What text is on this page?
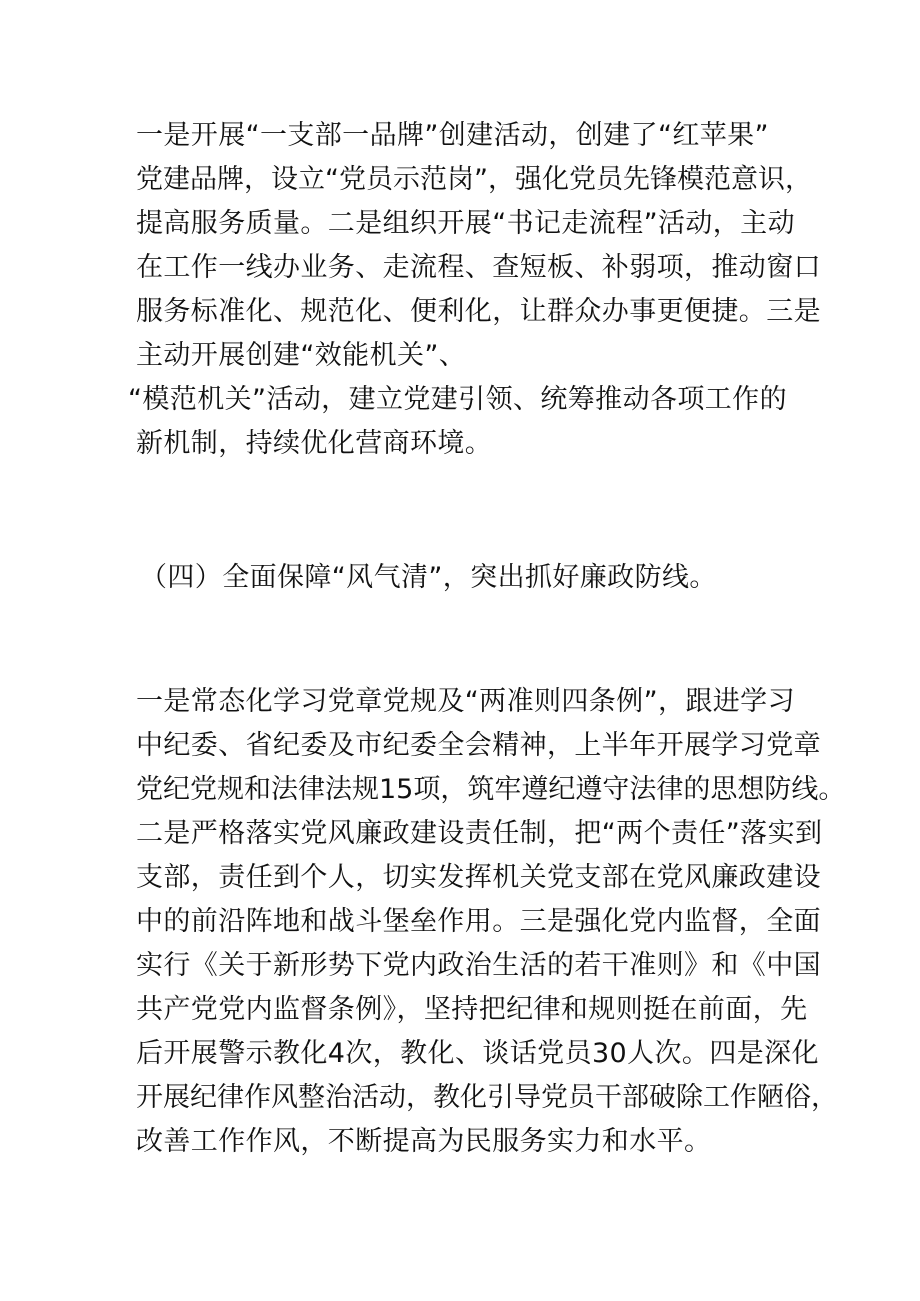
一是开展“一支部一品牌”创建活动，创建了“红苹果”
党建品牌，设立“党员示范岗”，强化党员先锋模范意识，
提高服务质量。二是组织开展“书记走流程”活动，主动
在工作一线办业务、走流程、查短板、补弱项，推动窗口
服务标准化、规范化、便利化，让群众办事更便捷。三是
主动开展创建“效能机关”、
“模范机关”活动，建立党建引领、统筹推动各项工作的
新机制，持续优化营商环境。
（四）全面保障“风气清”，突出抓好廉政防线。
一是常态化学习党章党规及“两准则四条例”，跟进学习
中纪委、省纪委及市纪委全会精神，上半年开展学习党章
党纪党规和法律法规15项，筑牢遵纪遵守法律的思想防线。
二是严格落实党风廉政建设责任制，把“两个责任”落实到
支部，责任到个人，切实发挥机关党支部在党风廉政建设
中的前沿阵地和战斗堡垒作用。三是强化党内监督，全面
实行《关于新形势下党内政治生活的若干准则》和《中国
共产党党内监督条例》，坚持把纪律和规则挺在前面，先
后开展警示教化4次，教化、谈话党员30人次。四是深化
开展纪律作风整治活动，教化引导党员干部破除工作陋俗，
改善工作作风，不断提高为民服务实力和水平。
